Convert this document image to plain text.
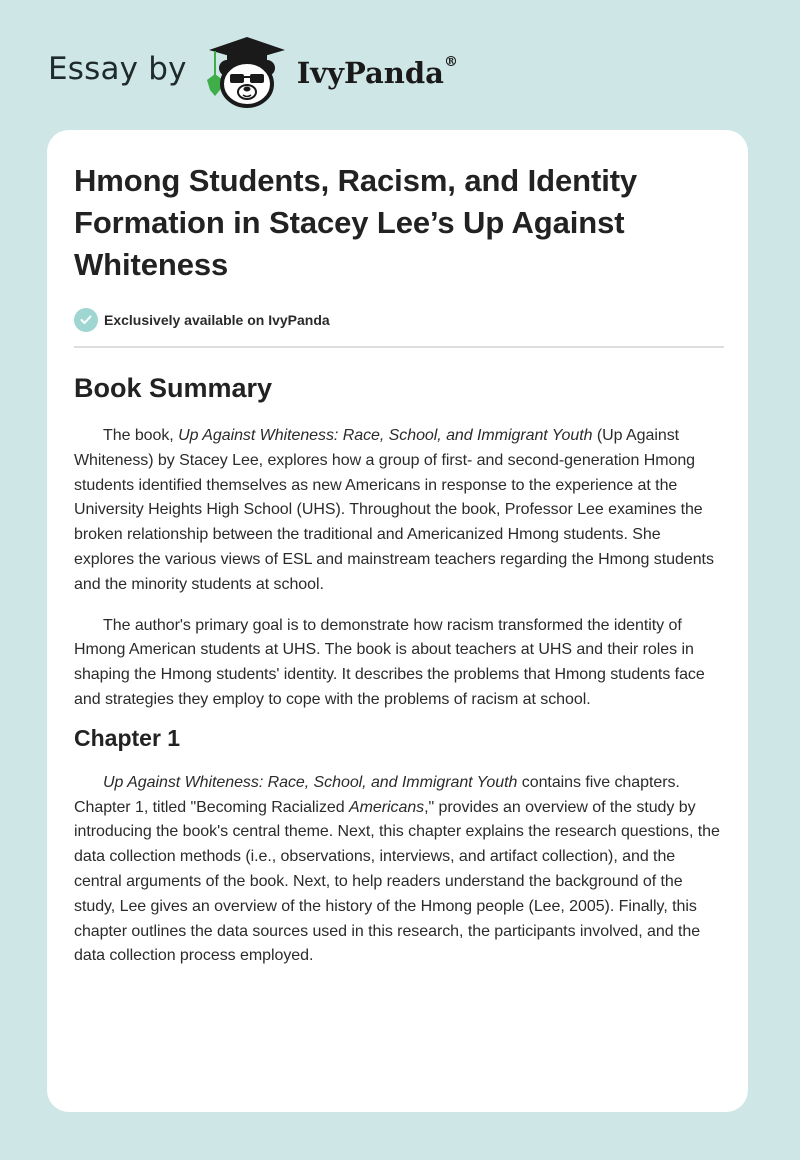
Essay by	IvyPanda®
Hmong Students, Racism, and Identity Formation in Stacey Lee’s Up Against Whiteness
Exclusively available on IvyPanda
Book Summary

The book, Up Against Whiteness: Race, School, and Immigrant Youth (Up Against Whiteness) by Stacey Lee, explores how a group of first- and second-generation Hmong students identified themselves as new Americans in response to the experience at the University Heights High School (UHS). Throughout the book, Professor Lee examines the broken relationship between the traditional and Americanized Hmong students. She explores the various views of ESL and mainstream teachers regarding the Hmong students and the minority students at school.

The author's primary goal is to demonstrate how racism transformed the identity of Hmong American students at UHS. The book is about teachers at UHS and their roles in shaping the Hmong students' identity. It describes the problems that Hmong students face and strategies they employ to cope with the problems of racism at school.

Chapter 1

Up Against Whiteness: Race, School, and Immigrant Youth contains five chapters. Chapter 1, titled "Becoming Racialized Americans," provides an overview of the study by introducing the book's central theme. Next, this chapter explains the research questions, the data collection methods (i.e., observations, interviews, and artifact collection), and the central arguments of the book. Next, to help readers understand the background of the study, Lee gives an overview of the history of the Hmong people (Lee, 2005). Finally, this chapter outlines the data sources used in this research, the participants involved, and the data collection process employed.
